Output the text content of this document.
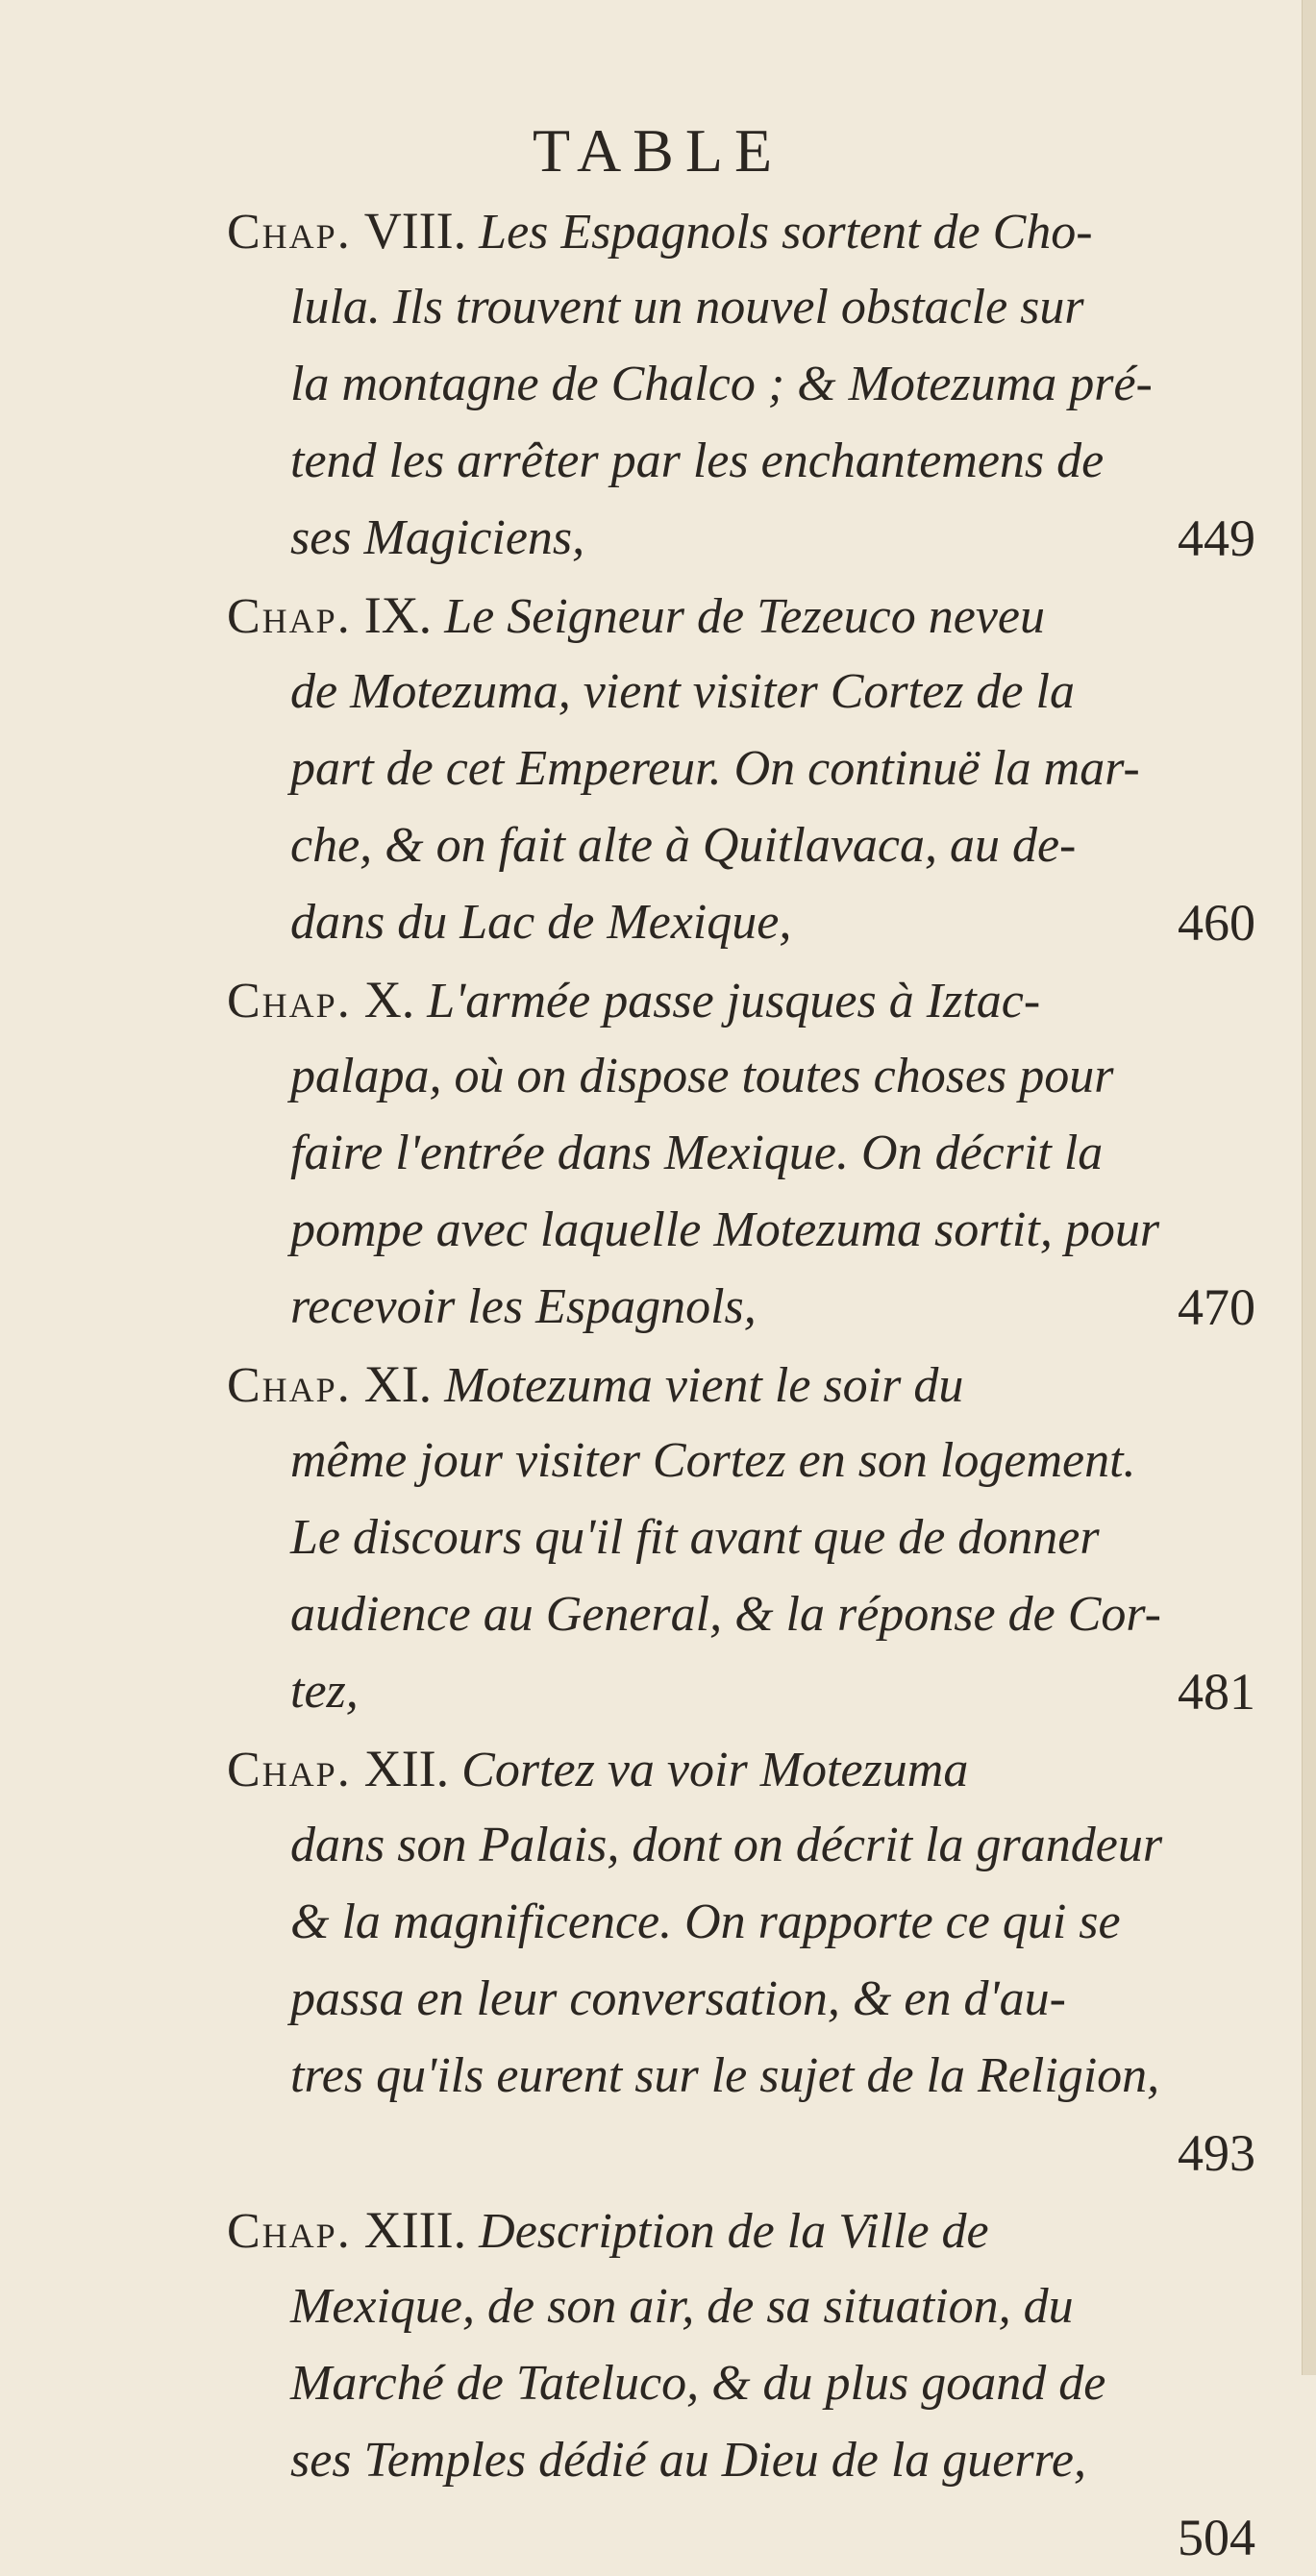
TABLE
Chap. VIII. Les Espagnols sortent de Cho-
lula. Ils trouvent un nouvel obstacle sur
la montagne de Chalco ; & Motezuma pré-
tend les arrêter par les enchantemens de
ses Magiciens,	449
Chap. IX. Le Seigneur de Tezeuco neveu
de Motezuma, vient visiter Cortez de la
part de cet Empereur. On continuë la mar-
che, & on fait alte à Quitlavaca, au de-
dans du Lac de Mexique,	460
Chap. X. L'armée passe jusques à Iztac-
palapa, où on dispose toutes choses pour
faire l'entrée dans Mexique. On décrit la
pompe avec laquelle Motezuma sortit, pour
recevoir les Espagnols,	470
Chap. XI. Motezuma vient le soir du
même jour visiter Cortez en son logement.
Le discours qu'il fit avant que de donner
audience au General, & la réponse de Cor-
tez,	481
Chap. XII. Cortez va voir Motezuma
dans son Palais, dont on décrit la grandeur
& la magnificence. On rapporte ce qui se
passa en leur conversation, & en d'au-
tres qu'ils eurent sur le sujet de la Religion,
493
Chap. XIII. Description de la Ville de
Mexique, de son air, de sa situation, du
Marché de Tateluco, & du plus goand de
ses Temples dédié au Dieu de la guerre,
504
